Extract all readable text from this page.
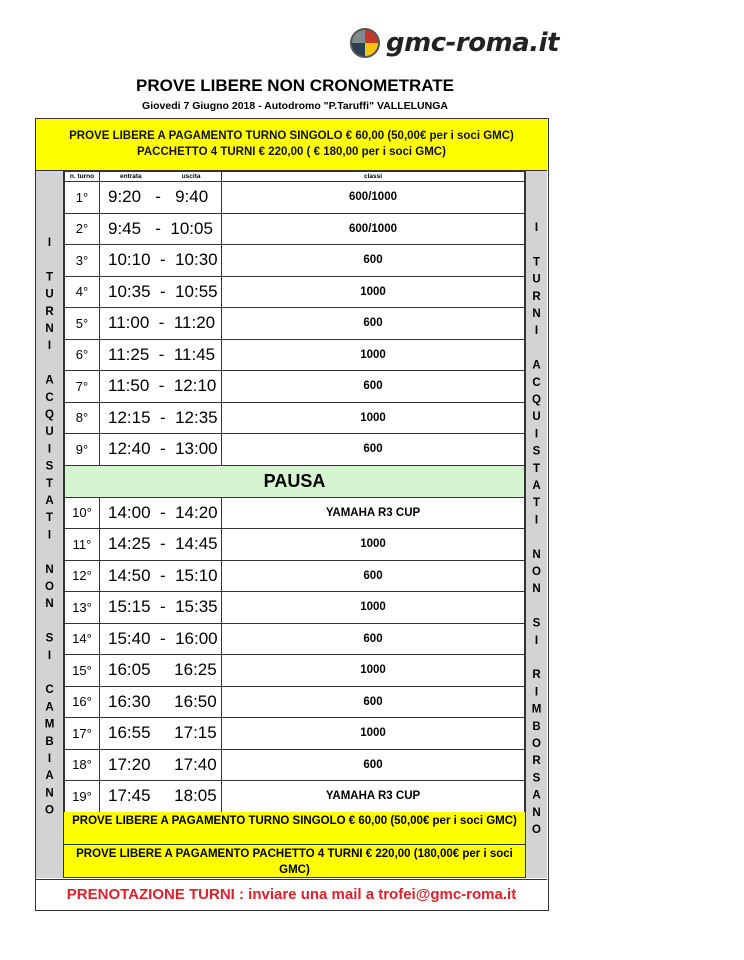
gmc-roma.it
PROVE LIBERE NON CRONOMETRATE
Giovedi 7 Giugno 2018 - Autodromo "P.Taruffi" VALLELUNGA
PROVE LIBERE A PAGAMENTO TURNO SINGOLO € 60,00 (50,00€ per i soci GMC)
PACCHETTO 4 TURNI € 220,00 ( € 180,00 per i soci GMC)
I TURNI ACQUISTATI NON SI CAMBIANO	I TURNI ACQUISTATI NON SI RIMBORSANO
n. turno	entrata uscita	classi
1°	9:20   -   9:40	600/1000
2°	9:45   -  10:05	600/1000
3°	10:10  -  10:30	600
4°	10:35  -  10:55	1000
5°	11:00  -  11:20	600
6°	11:25  -  11:45	1000
7°	11:50  -  12:10	600
8°	12:15  -  12:35	1000
9°	12:40  -  13:00	600
PAUSA		
10°	14:00  -  14:20	YAMAHA R3 CUP
11°	14:25  -  14:45	1000
12°	14:50  -  15:10	600
13°	15:15  -  15:35	1000
14°	15:40  -  16:00	600
15°	16:05     16:25	1000
16°	16:30     16:50	600
17°	16:55     17:15	1000
18°	17:20     17:40	600
19°	17:45     18:05	YAMAHA R3 CUP
PROVE LIBERE A PAGAMENTO TURNO SINGOLO € 60,00 (50,00€ per i soci GMC)
PROVE LIBERE A PAGAMENTO PACHETTO 4 TURNI € 220,00 (180,00€ per i soci GMC)
PRENOTAZIONE TURNI : inviare una mail a trofei@gmc-roma.it
